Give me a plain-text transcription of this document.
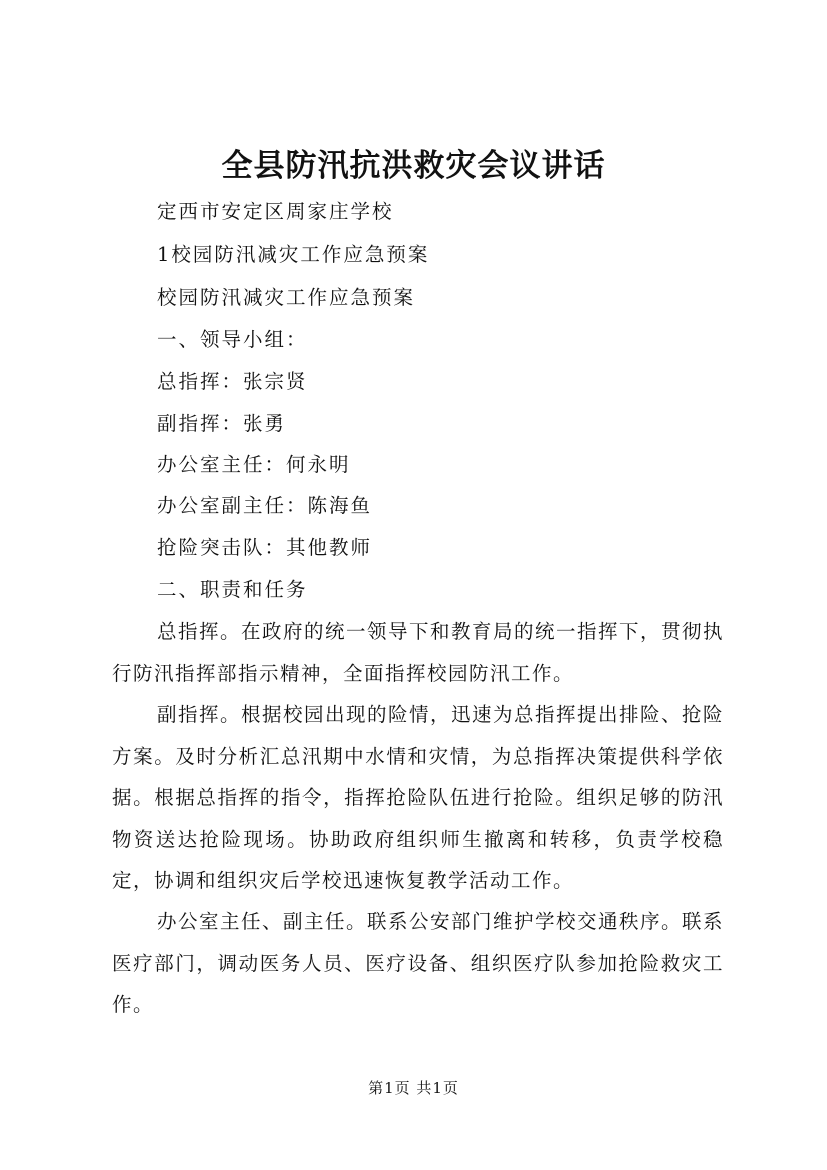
全县防汛抗洪救灾会议讲话

定西市安定区周家庄学校

1校园防汛减灾工作应急预案

校园防汛减灾工作应急预案

一、领导小组：

总指挥：张宗贤

副指挥：张勇

办公室主任：何永明

办公室副主任：陈海鱼

抢险突击队：其他教师

二、职责和任务

总指挥。在政府的统一领导下和教育局的统一指挥下，贯彻执行防汛指挥部指示精神，全面指挥校园防汛工作。

副指挥。根据校园出现的险情，迅速为总指挥提出排险、抢险方案。及时分析汇总汛期中水情和灾情，为总指挥决策提供科学依据。根据总指挥的指令，指挥抢险队伍进行抢险。组织足够的防汛物资送达抢险现场。协助政府组织师生撤离和转移，负责学校稳定，协调和组织灾后学校迅速恢复教学活动工作。

办公室主任、副主任。联系公安部门维护学校交通秩序。联系医疗部门，调动医务人员、医疗设备、组织医疗队参加抢险救灾工作。

第1页 共1页
